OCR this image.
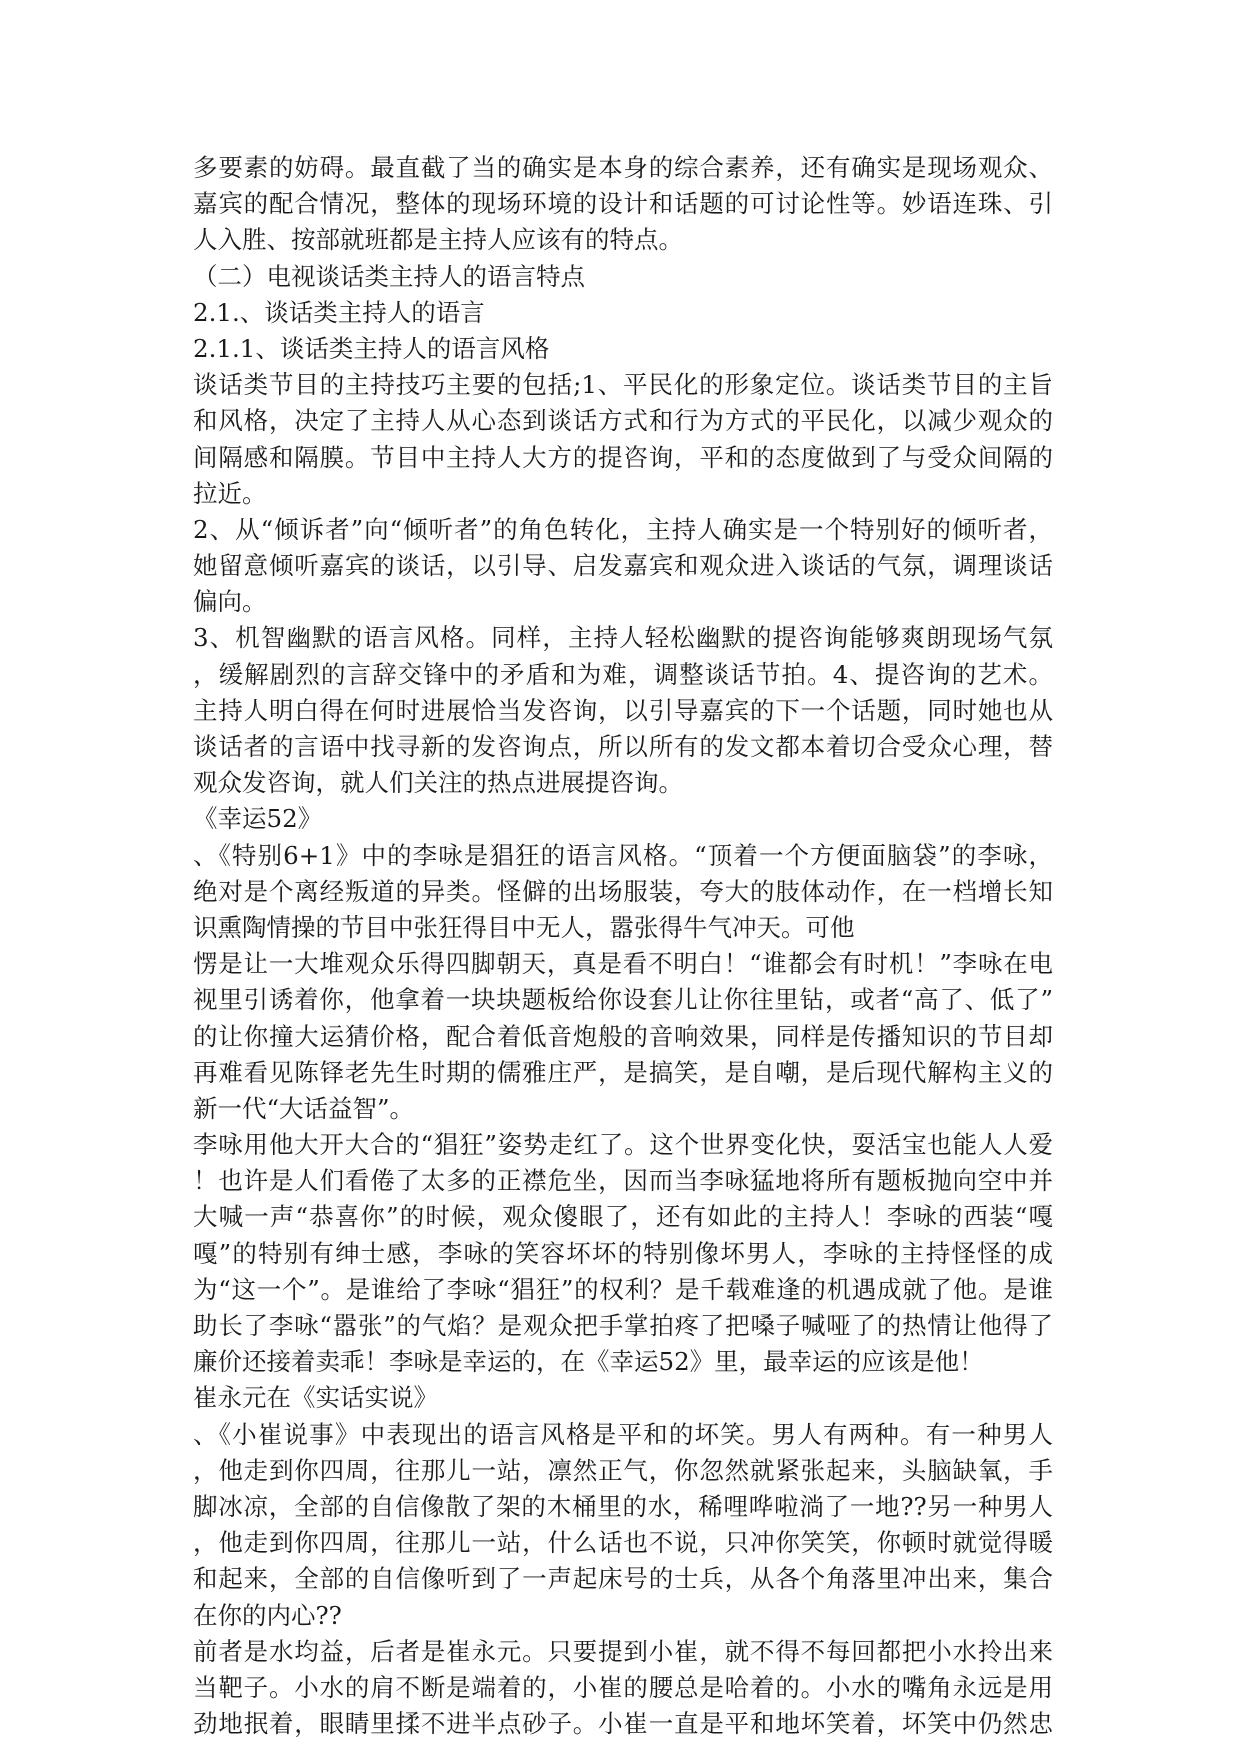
多要素的妨碍。最直截了当的确实是本身的综合素养，还有确实是现场观众、
嘉宾的配合情况，整体的现场环境的设计和话题的可讨论性等。妙语连珠、引
人入胜、按部就班都是主持人应该有的特点。
（二）电视谈话类主持人的语言特点
2.1.、谈话类主持人的语言
2.1.1、谈话类主持人的语言风格
谈话类节目的主持技巧主要的包括;1、平民化的形象定位。谈话类节目的主旨
和风格，决定了主持人从心态到谈话方式和行为方式的平民化，以减少观众的
间隔感和隔膜。节目中主持人大方的提咨询，平和的态度做到了与受众间隔的
拉近。
2、从“倾诉者”向“倾听者”的角色转化，主持人确实是一个特别好的倾听者，
她留意倾听嘉宾的谈话，以引导、启发嘉宾和观众进入谈话的气氛，调理谈话
偏向。
3、机智幽默的语言风格。同样，主持人轻松幽默的提咨询能够爽朗现场气氛
，缓解剧烈的言辞交锋中的矛盾和为难，调整谈话节拍。4、提咨询的艺术。
主持人明白得在何时进展恰当发咨询，以引导嘉宾的下一个话题，同时她也从
谈话者的言语中找寻新的发咨询点，所以所有的发文都本着切合受众心理，替
观众发咨询，就人们关注的热点进展提咨询。
《幸运52》
、《特别6+1》中的李咏是猖狂的语言风格。“顶着一个方便面脑袋”的李咏，
绝对是个离经叛道的异类。怪僻的出场服装，夸大的肢体动作，在一档增长知
识熏陶情操的节目中张狂得目中无人，嚣张得牛气冲天。可他
愣是让一大堆观众乐得四脚朝天，真是看不明白！“谁都会有时机！”李咏在电
视里引诱着你，他拿着一块块题板给你设套儿让你往里钻，或者“高了、低了”
的让你撞大运猜价格，配合着低音炮般的音响效果，同样是传播知识的节目却
再难看见陈铎老先生时期的儒雅庄严，是搞笑，是自嘲，是后现代解构主义的
新一代“大话益智”。
李咏用他大开大合的“猖狂”姿势走红了。这个世界变化快，耍活宝也能人人爱
！也许是人们看倦了太多的正襟危坐，因而当李咏猛地将所有题板抛向空中并
大喊一声“恭喜你”的时候，观众傻眼了，还有如此的主持人！李咏的西装“嘎
嘎”的特别有绅士感，李咏的笑容坏坏的特别像坏男人，李咏的主持怪怪的成
为“这一个”。是谁给了李咏“猖狂”的权利？是千载难逢的机遇成就了他。是谁
助长了李咏“嚣张”的气焰？是观众把手掌拍疼了把嗓子喊哑了的热情让他得了
廉价还接着卖乖！李咏是幸运的，在《幸运52》里，最幸运的应该是他！
崔永元在《实话实说》
、《小崔说事》中表现出的语言风格是平和的坏笑。男人有两种。有一种男人
，他走到你四周，往那儿一站，凛然正气，你忽然就紧张起来，头脑缺氧，手
脚冰凉，全部的自信像散了架的木桶里的水，稀哩哗啦淌了一地??另一种男人
，他走到你四周，往那儿一站，什么话也不说，只冲你笑笑，你顿时就觉得暖
和起来，全部的自信像听到了一声起床号的士兵，从各个角落里冲出来，集合
在你的内心??
前者是水均益，后者是崔永元。只要提到小崔，就不得不每回都把小水拎出来
当靶子。小水的肩不断是端着的，小崔的腰总是哈着的。小水的嘴角永远是用
劲地抿着，眼睛里揉不进半点砂子。小崔一直是平和地坏笑着，坏笑中仍然忠
